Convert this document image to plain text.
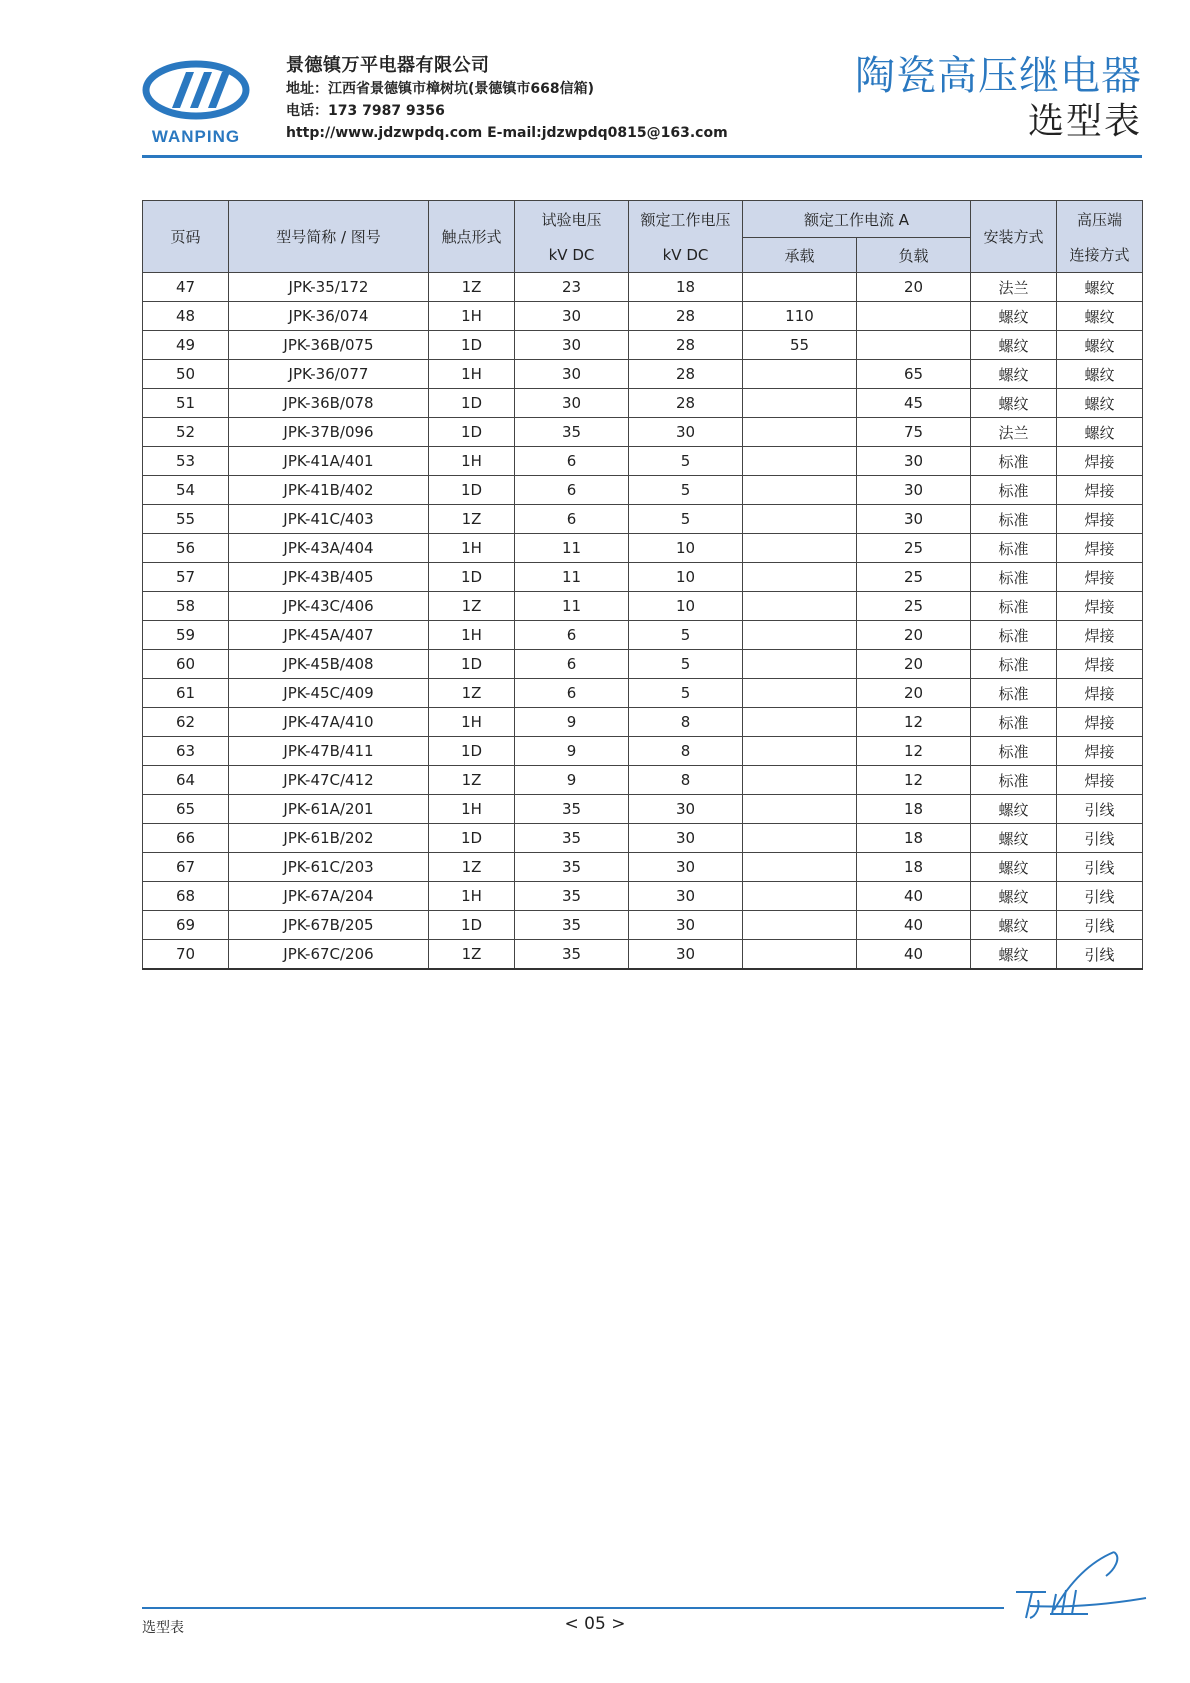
WANPING
景德镇万平电器有限公司
地址：江西省景德镇市樟树坑(景德镇市668信箱)
电话：173 7987 9356
http://www.jdzwpdq.com E-mail:jdzwpdq0815@163.com
陶瓷高压继电器
选型表
页码	型号简称 / 图号	触点形式	试验电压	额定工作电压	额定工作电流 A		安装方式	高压端
			kV DC	kV DC	承载	负载		连接方式
47	JPK-35/172	1Z	23	18		20	法兰	螺纹
48	JPK-36/074	1H	30	28	110		螺纹	螺纹
49	JPK-36B/075	1D	30	28	55		螺纹	螺纹
50	JPK-36/077	1H	30	28		65	螺纹	螺纹
51	JPK-36B/078	1D	30	28		45	螺纹	螺纹
52	JPK-37B/096	1D	35	30		75	法兰	螺纹
53	JPK-41A/401	1H	6	5		30	标准	焊接
54	JPK-41B/402	1D	6	5		30	标准	焊接
55	JPK-41C/403	1Z	6	5		30	标准	焊接
56	JPK-43A/404	1H	11	10		25	标准	焊接
57	JPK-43B/405	1D	11	10		25	标准	焊接
58	JPK-43C/406	1Z	11	10		25	标准	焊接
59	JPK-45A/407	1H	6	5		20	标准	焊接
60	JPK-45B/408	1D	6	5		20	标准	焊接
61	JPK-45C/409	1Z	6	5		20	标准	焊接
62	JPK-47A/410	1H	9	8		12	标准	焊接
63	JPK-47B/411	1D	9	8		12	标准	焊接
64	JPK-47C/412	1Z	9	8		12	标准	焊接
65	JPK-61A/201	1H	35	30		18	螺纹	引线
66	JPK-61B/202	1D	35	30		18	螺纹	引线
67	JPK-61C/203	1Z	35	30		18	螺纹	引线
68	JPK-67A/204	1H	35	30		40	螺纹	引线
69	JPK-67B/205	1D	35	30		40	螺纹	引线
70	JPK-67C/206	1Z	35	30		40	螺纹	引线
选型表	< 05 >
